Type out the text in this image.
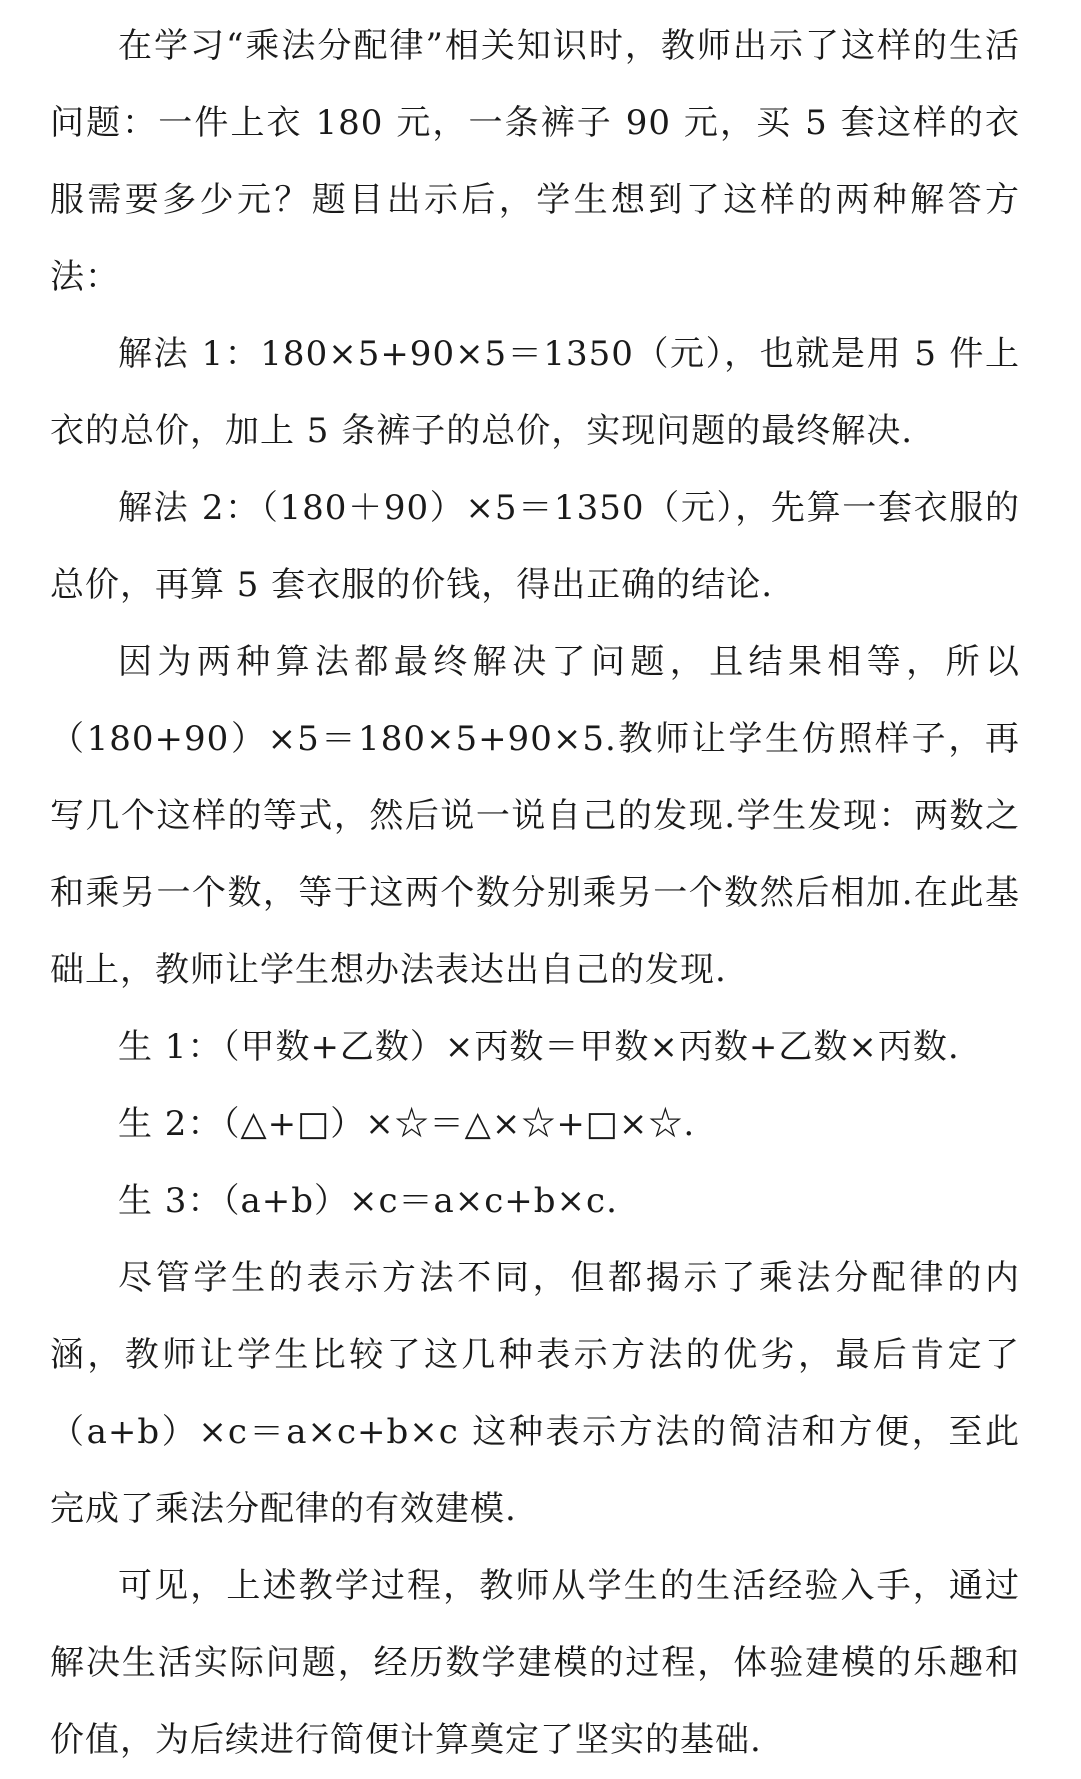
在学习“乘法分配律”相关知识时，教师出示了这样的生活问题：一件上衣 180 元，一条裤子 90 元，买 5 套这样的衣服需要多少元？题目出示后，学生想到了这样的两种解答方法：

解法 1：180×5+90×5＝1350（元），也就是用 5 件上衣的总价，加上 5 条裤子的总价，实现问题的最终解决.

解法 2：（180＋90）×5＝1350（元），先算一套衣服的总价，再算 5 套衣服的价钱，得出正确的结论.

因为两种算法都最终解决了问题，且结果相等，所以（180+90）×5＝180×5+90×5.教师让学生仿照样子，再写几个这样的等式，然后说一说自己的发现.学生发现：两数之和乘另一个数，等于这两个数分别乘另一个数然后相加.在此基础上，教师让学生想办法表达出自己的发现.

生 1：（甲数+乙数）×丙数＝甲数×丙数+乙数×丙数.

生 2：（△+□）×☆＝△×☆+□×☆.

生 3：（a+b）×c＝a×c+b×c.

尽管学生的表示方法不同，但都揭示了乘法分配律的内涵，教师让学生比较了这几种表示方法的优劣，最后肯定了（a+b）×c＝a×c+b×c 这种表示方法的简洁和方便，至此完成了乘法分配律的有效建模.

可见，上述教学过程，教师从学生的生活经验入手，通过解决生活实际问题，经历数学建模的过程，体验建模的乐趣和价值，为后续进行简便计算奠定了坚实的基础.
